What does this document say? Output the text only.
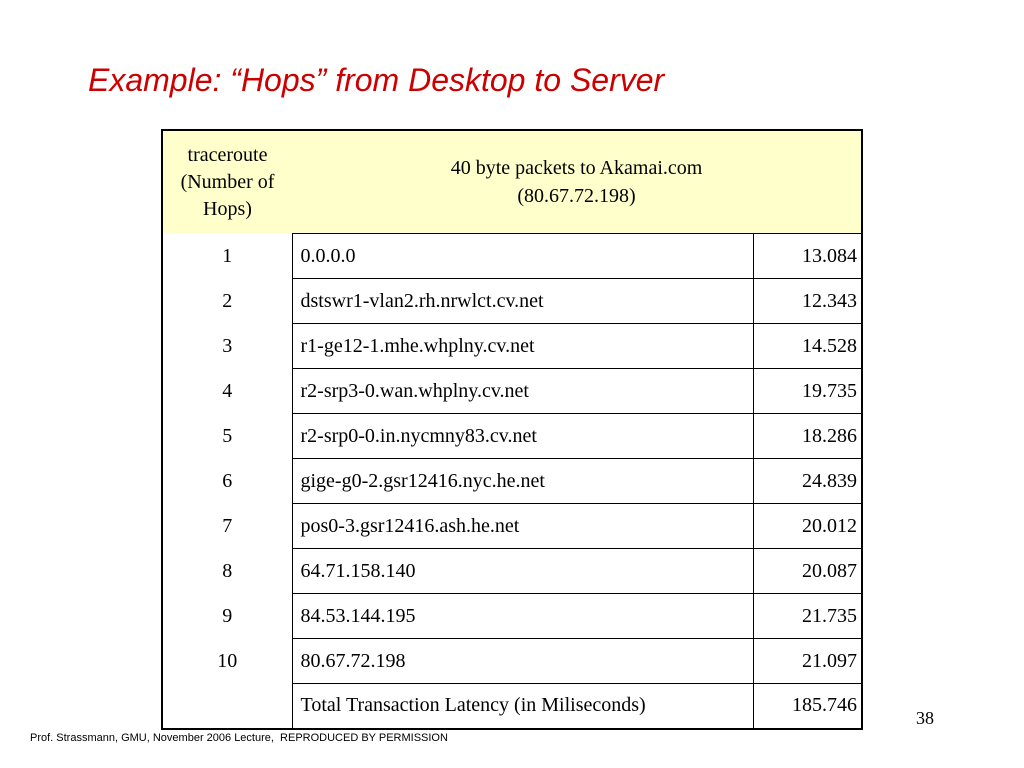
Example: “Hops” from Desktop to Server
traceroute (Number of Hops)	40 byte packets to Akamai.com
(80.67.72.198)	

1	0.0.0.0	13.084
2	dstswr1-vlan2.rh.nrwlct.cv.net	12.343
3	r1-ge12-1.mhe.whplny.cv.net	14.528
4	r2-srp3-0.wan.whplny.cv.net	19.735
5	r2-srp0-0.in.nycmny83.cv.net	18.286
6	gige-g0-2.gsr12416.nyc.he.net	24.839
7	pos0-3.gsr12416.ash.he.net	20.012
8	64.71.158.140	20.087
9	84.53.144.195	21.735
10	80.67.72.198	21.097
	Total Transaction Latency (in Miliseconds)	185.746
38
Prof. Strassmann, GMU, November 2006 Lecture,  REPRODUCED BY PERMISSION
